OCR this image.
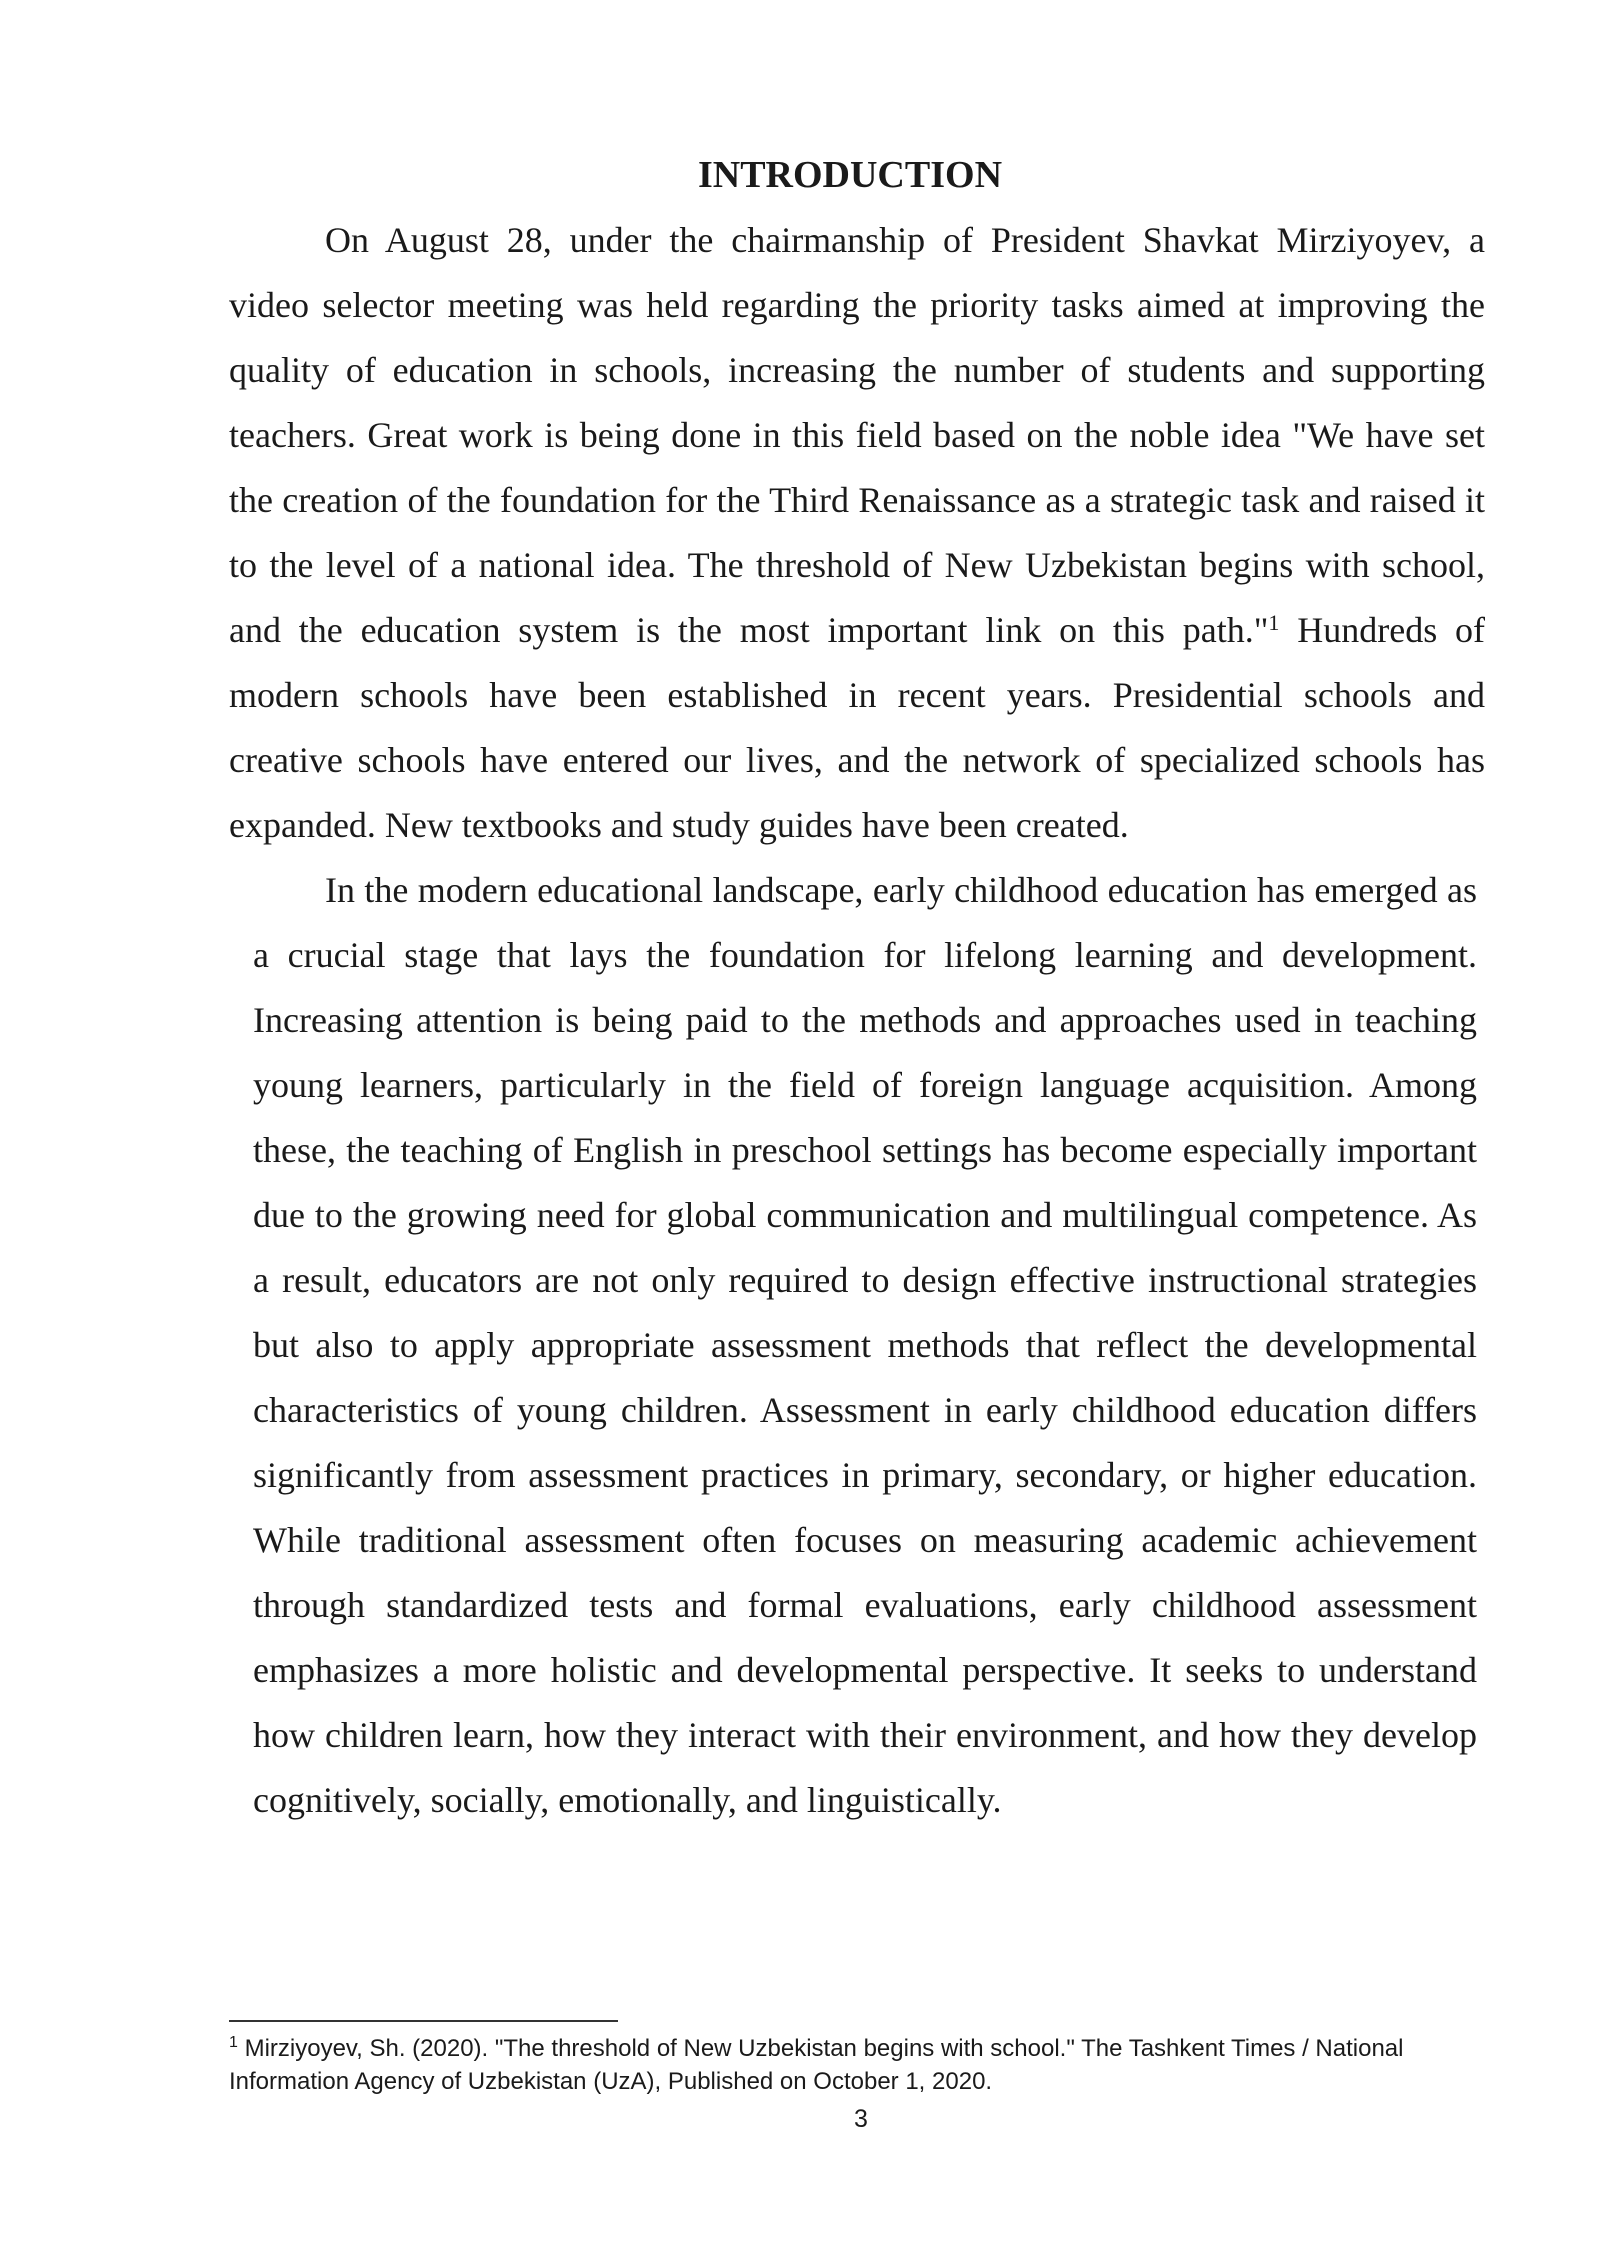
INTRODUCTION

On August 28, under the chairmanship of President Shavkat Mirziyoyev, a video selector meeting was held regarding the priority tasks aimed at improving the quality of education in schools, increasing the number of students and supporting teachers. Great work is being done in this field based on the noble idea "We have set the creation of the foundation for the Third Renaissance as a strategic task and raised it to the level of a national idea. The threshold of New Uzbekistan begins with school, and the education system is the most important link on this path."$^1$ Hundreds of modern schools have been established in recent years. Presidential schools and creative schools have entered our lives, and the network of specialized schools has expanded. New textbooks and study guides have been created.

In the modern educational landscape, early childhood education has emerged as a crucial stage that lays the foundation for lifelong learning and development. Increasing attention is being paid to the methods and approaches used in teaching young learners, particularly in the field of foreign language acquisition. Among these, the teaching of English in preschool settings has become especially important due to the growing need for global communication and multilingual competence. As a result, educators are not only required to design effective instructional strategies but also to apply appropriate assessment methods that reflect the developmental characteristics of young children. Assessment in early childhood education differs significantly from assessment practices in primary, secondary, or higher education. While traditional assessment often focuses on measuring academic achievement through standardized tests and formal evaluations, early childhood assessment emphasizes a more holistic and developmental perspective. It seeks to understand how children learn, how they interact with their environment, and how they develop cognitively, socially, emotionally, and linguistically.

$^1$ Mirziyoyev, Sh. (2020). "The threshold of New Uzbekistan begins with school." The Tashkent Times / National Information Agency of Uzbekistan (UzA), Published on October 1, 2020.

3
